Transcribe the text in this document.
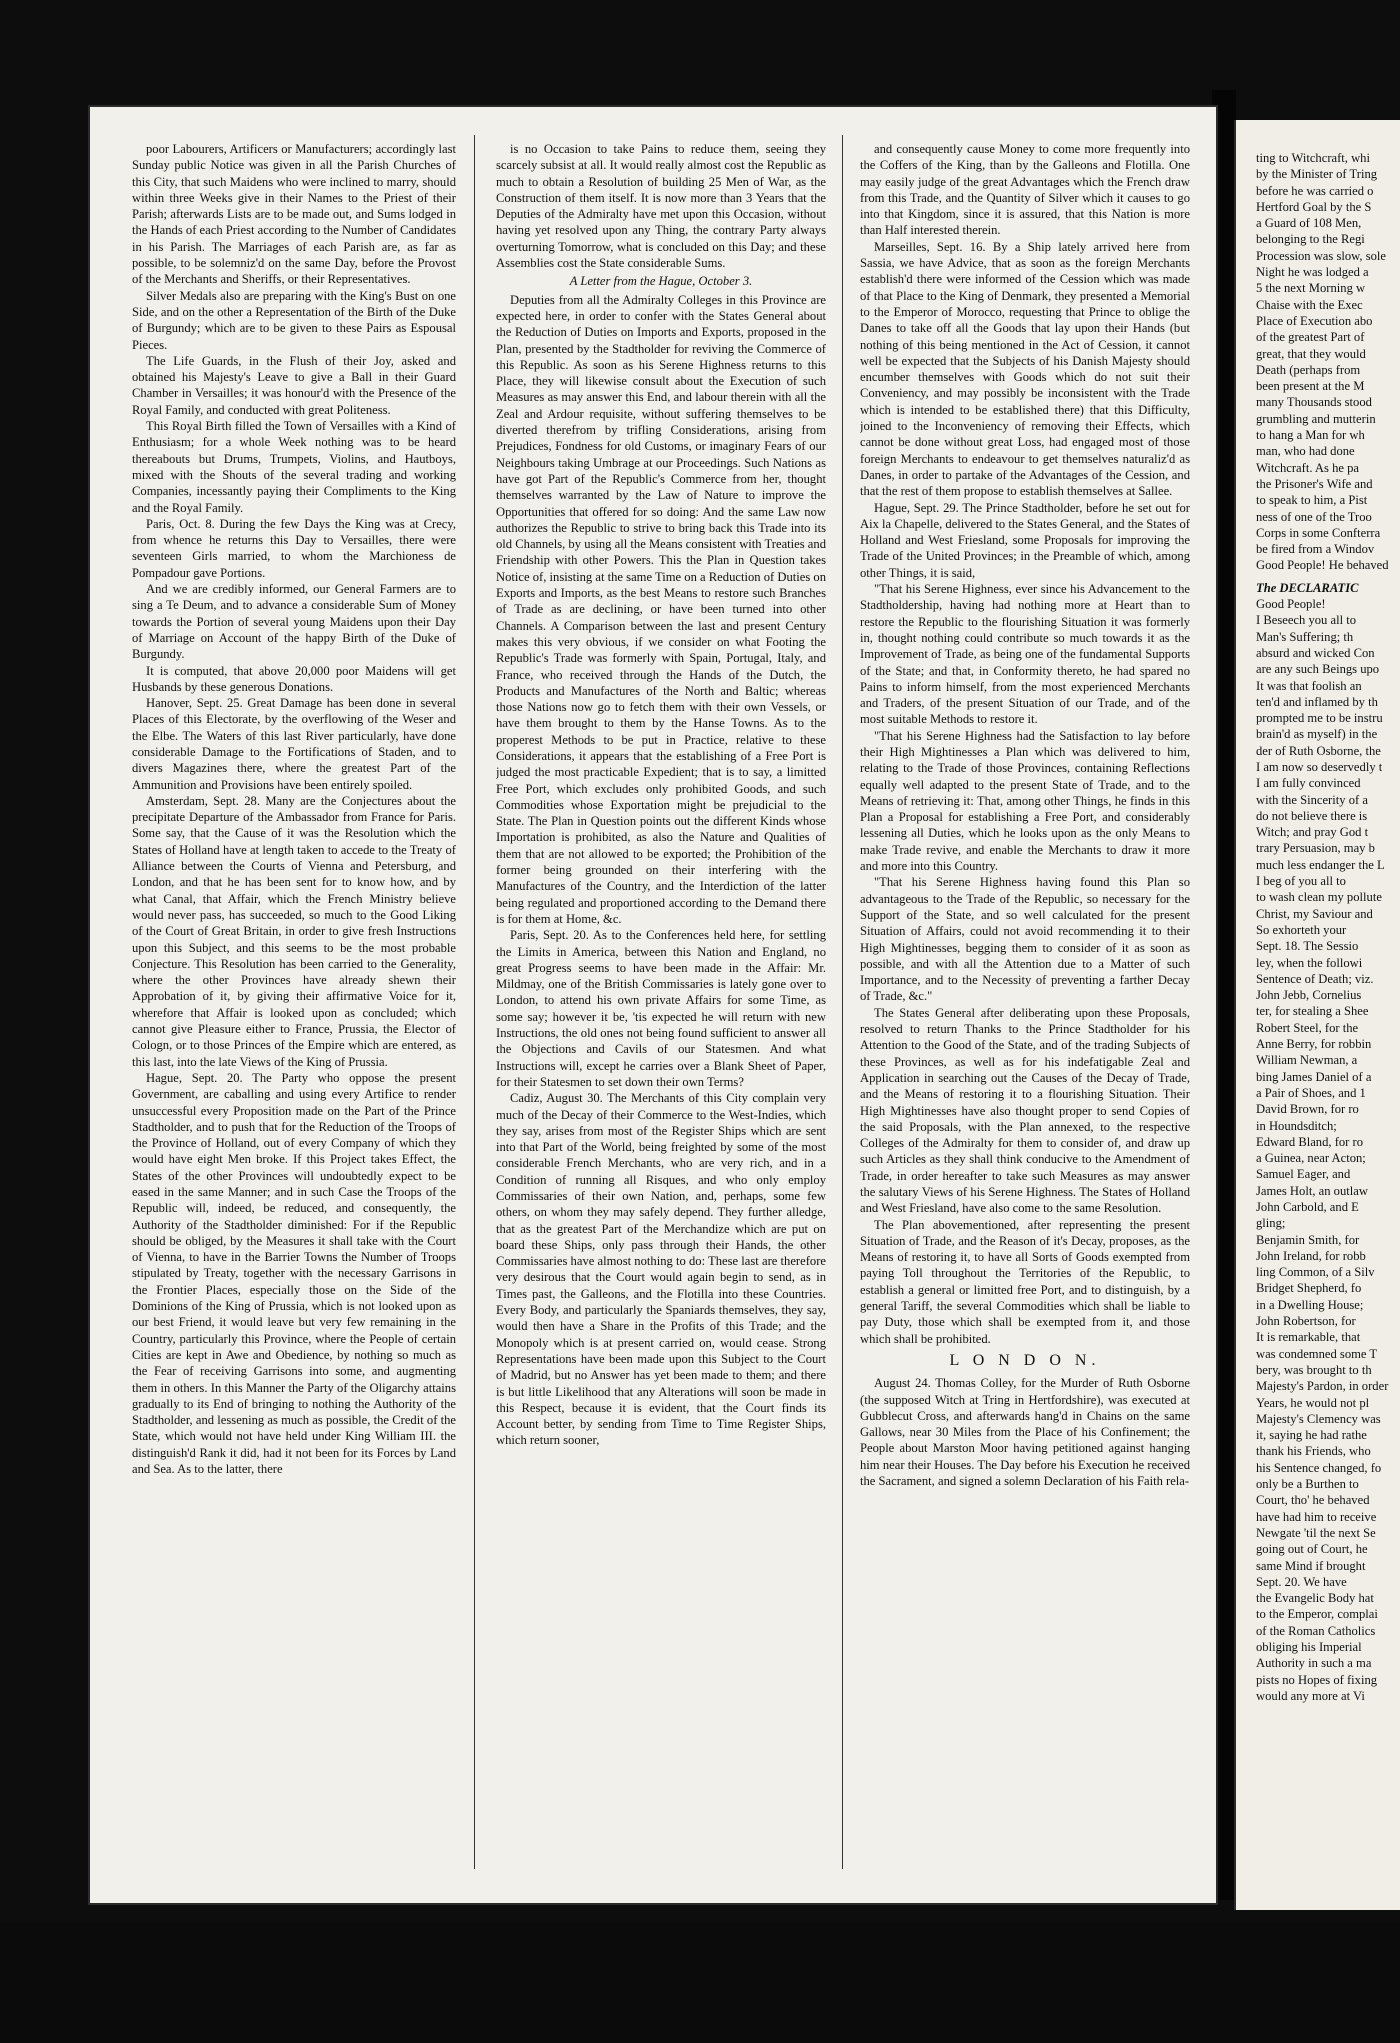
poor Labourers, Artificers or Manufacturers; accordingly last Sunday public Notice was given in all the Parish Churches of this City, that such Maidens who were inclined to marry, should within three Weeks give in their Names to the Priest of their Parish; afterwards Lists are to be made out, and Sums lodged in the Hands of each Priest according to the Number of Candidates in his Parish. The Marriages of each Parish are, as far as possible, to be solemniz'd on the same Day, before the Provost of the Merchants and Sheriffs, or their Representatives.

Silver Medals also are preparing with the King's Bust on one Side, and on the other a Representation of the Birth of the Duke of Burgundy; which are to be given to these Pairs as Espousal Pieces.

The Life Guards, in the Flush of their Joy, asked and obtained his Majesty's Leave to give a Ball in their Guard Chamber in Versailles; it was honour'd with the Presence of the Royal Family, and conducted with great Politeness.

This Royal Birth filled the Town of Versailles with a Kind of Enthusiasm; for a whole Week nothing was to be heard thereabouts but Drums, Trumpets, Violins, and Hautboys, mixed with the Shouts of the several trading and working Companies, incessantly paying their Compliments to the King and the Royal Family.

Paris, Oct. 8. During the few Days the King was at Crecy, from whence he returns this Day to Versailles, there were seventeen Girls married, to whom the Marchioness de Pompadour gave Portions.

And we are credibly informed, our General Farmers are to sing a Te Deum, and to advance a considerable Sum of Money towards the Portion of several young Maidens upon their Day of Marriage on Account of the happy Birth of the Duke of Burgundy.

It is computed, that above 20,000 poor Maidens will get Husbands by these generous Donations.

Hanover, Sept. 25. Great Damage has been done in several Places of this Electorate, by the overflowing of the Weser and the Elbe. The Waters of this last River particularly, have done considerable Damage to the Fortifications of Staden, and to divers Magazines there, where the greatest Part of the Ammunition and Provisions have been entirely spoiled.

Amsterdam, Sept. 28. Many are the Conjectures about the precipitate Departure of the Ambassador from France for Paris. Some say, that the Cause of it was the Resolution which the States of Holland have at length taken to accede to the Treaty of Alliance between the Courts of Vienna and Petersburg, and London, and that he has been sent for to know how, and by what Canal, that Affair, which the French Ministry believe would never pass, has succeeded, so much to the Good Liking of the Court of Great Britain, in order to give fresh Instructions upon this Subject, and this seems to be the most probable Conjecture. This Resolution has been carried to the Generality, where the other Provinces have already shewn their Approbation of it, by giving their affirmative Voice for it, wherefore that Affair is looked upon as concluded; which cannot give Pleasure either to France, Prussia, the Elector of Cologn, or to those Princes of the Empire which are entered, as this last, into the late Views of the King of Prussia.

Hague, Sept. 20. The Party who oppose the present Government, are caballing and using every Artifice to render unsuccessful every Proposition made on the Part of the Prince Stadtholder, and to push that for the Reduction of the Troops of the Province of Holland, out of every Company of which they would have eight Men broke. If this Project takes Effect, the States of the other Provinces will undoubtedly expect to be eased in the same Manner; and in such Case the Troops of the Republic will, indeed, be reduced, and consequently, the Authority of the Stadtholder diminished: For if the Republic should be obliged, by the Measures it shall take with the Court of Vienna, to have in the Barrier Towns the Number of Troops stipulated by Treaty, together with the necessary Garrisons in the Frontier Places, especially those on the Side of the Dominions of the King of Prussia, which is not looked upon as our best Friend, it would leave but very few remaining in the Country, particularly this Province, where the People of certain Cities are kept in Awe and Obedience, by nothing so much as the Fear of receiving Garrisons into some, and augmenting them in others. In this Manner the Party of the Oligarchy attains gradually to its End of bringing to nothing the Authority of the Stadtholder, and lessening as much as possible, the Credit of the State, which would not have held under King William III. the distinguish'd Rank it did, had it not been for its Forces by Land and Sea. As to the latter, there

is no Occasion to take Pains to reduce them, seeing they scarcely subsist at all. It would really almost cost the Republic as much to obtain a Resolution of building 25 Men of War, as the Construction of them itself. It is now more than 3 Years that the Deputies of the Admiralty have met upon this Occasion, without having yet resolved upon any Thing, the contrary Party always overturning Tomorrow, what is concluded on this Day; and these Assemblies cost the State considerable Sums.

A Letter from the Hague, October 3.

Deputies from all the Admiralty Colleges in this Province are expected here, in order to confer with the States General about the Reduction of Duties on Imports and Exports, proposed in the Plan, presented by the Stadtholder for reviving the Commerce of this Republic. As soon as his Serene Highness returns to this Place, they will likewise consult about the Execution of such Measures as may answer this End, and labour therein with all the Zeal and Ardour requisite, without suffering themselves to be diverted therefrom by trifling Considerations, arising from Prejudices, Fondness for old Customs, or imaginary Fears of our Neighbours taking Umbrage at our Proceedings. Such Nations as have got Part of the Republic's Commerce from her, thought themselves warranted by the Law of Nature to improve the Opportunities that offered for so doing: And the same Law now authorizes the Republic to strive to bring back this Trade into its old Channels, by using all the Means consistent with Treaties and Friendship with other Powers. This the Plan in Question takes Notice of, insisting at the same Time on a Reduction of Duties on Exports and Imports, as the best Means to restore such Branches of Trade as are declining, or have been turned into other Channels. A Comparison between the last and present Century makes this very obvious, if we consider on what Footing the Republic's Trade was formerly with Spain, Portugal, Italy, and France, who received through the Hands of the Dutch, the Products and Manufactures of the North and Baltic; whereas those Nations now go to fetch them with their own Vessels, or have them brought to them by the Hanse Towns. As to the properest Methods to be put in Practice, relative to these Considerations, it appears that the establishing of a Free Port is judged the most practicable Expedient; that is to say, a limitted Free Port, which excludes only prohibited Goods, and such Commodities whose Exportation might be prejudicial to the State. The Plan in Question points out the different Kinds whose Importation is prohibited, as also the Nature and Qualities of them that are not allowed to be exported; the Prohibition of the former being grounded on their interfering with the Manufactures of the Country, and the Interdiction of the latter being regulated and proportioned according to the Demand there is for them at Home, &c.

Paris, Sept. 20. As to the Conferences held here, for settling the Limits in America, between this Nation and England, no great Progress seems to have been made in the Affair: Mr. Mildmay, one of the British Commissaries is lately gone over to London, to attend his own private Affairs for some Time, as some say; however it be, 'tis expected he will return with new Instructions, the old ones not being found sufficient to answer all the Objections and Cavils of our Statesmen. And what Instructions will, except he carries over a Blank Sheet of Paper, for their Statesmen to set down their own Terms?

Cadiz, August 30. The Merchants of this City complain very much of the Decay of their Commerce to the West-Indies, which they say, arises from most of the Register Ships which are sent into that Part of the World, being freighted by some of the most considerable French Merchants, who are very rich, and in a Condition of running all Risques, and who only employ Commissaries of their own Nation, and, perhaps, some few others, on whom they may safely depend. They further alledge, that as the greatest Part of the Merchandize which are put on board these Ships, only pass through their Hands, the other Commissaries have almost nothing to do: These last are therefore very desirous that the Court would again begin to send, as in Times past, the Galleons, and the Flotilla into these Countries. Every Body, and particularly the Spaniards themselves, they say, would then have a Share in the Profits of this Trade; and the Monopoly which is at present carried on, would cease. Strong Representations have been made upon this Subject to the Court of Madrid, but no Answer has yet been made to them; and there is but little Likelihood that any Alterations will soon be made in this Respect, because it is evident, that the Court finds its Account better, by sending from Time to Time Register Ships, which return sooner,

and consequently cause Money to come more frequently into the Coffers of the King, than by the Galleons and Flotilla. One may easily judge of the great Advantages which the French draw from this Trade, and the Quantity of Silver which it causes to go into that Kingdom, since it is assured, that this Nation is more than Half interested therein.

Marseilles, Sept. 16. By a Ship lately arrived here from Sassia, we have Advice, that as soon as the foreign Merchants establish'd there were informed of the Cession which was made of that Place to the King of Denmark, they presented a Memorial to the Emperor of Morocco, requesting that Prince to oblige the Danes to take off all the Goods that lay upon their Hands (but nothing of this being mentioned in the Act of Cession, it cannot well be expected that the Subjects of his Danish Majesty should encumber themselves with Goods which do not suit their Conveniency, and may possibly be inconsistent with the Trade which is intended to be established there) that this Difficulty, joined to the Inconveniency of removing their Effects, which cannot be done without great Loss, had engaged most of those foreign Merchants to endeavour to get themselves naturaliz'd as Danes, in order to partake of the Advantages of the Cession, and that the rest of them propose to establish themselves at Sallee.

Hague, Sept. 29. The Prince Stadtholder, before he set out for Aix la Chapelle, delivered to the States General, and the States of Holland and West Friesland, some Proposals for improving the Trade of the United Provinces; in the Preamble of which, among other Things, it is said,

"That his Serene Highness, ever since his Advancement to the Stadtholdership, having had nothing more at Heart than to restore the Republic to the flourishing Situation it was formerly in, thought nothing could contribute so much towards it as the Improvement of Trade, as being one of the fundamental Supports of the State; and that, in Conformity thereto, he had spared no Pains to inform himself, from the most experienced Merchants and Traders, of the present Situation of our Trade, and of the most suitable Methods to restore it.

"That his Serene Highness had the Satisfaction to lay before their High Mightinesses a Plan which was delivered to him, relating to the Trade of those Provinces, containing Reflections equally well adapted to the present State of Trade, and to the Means of retrieving it: That, among other Things, he finds in this Plan a Proposal for establishing a Free Port, and considerably lessening all Duties, which he looks upon as the only Means to make Trade revive, and enable the Merchants to draw it more and more into this Country.

"That his Serene Highness having found this Plan so advantageous to the Trade of the Republic, so necessary for the Support of the State, and so well calculated for the present Situation of Affairs, could not avoid recommending it to their High Mightinesses, begging them to consider of it as soon as possible, and with all the Attention due to a Matter of such Importance, and to the Necessity of preventing a farther Decay of Trade, &c."

The States General after deliberating upon these Proposals, resolved to return Thanks to the Prince Stadtholder for his Attention to the Good of the State, and of the trading Subjects of these Provinces, as well as for his indefatigable Zeal and Application in searching out the Causes of the Decay of Trade, and the Means of restoring it to a flourishing Situation. Their High Mightinesses have also thought proper to send Copies of the said Proposals, with the Plan annexed, to the respective Colleges of the Admiralty for them to consider of, and draw up such Articles as they shall think conducive to the Amendment of Trade, in order hereafter to take such Measures as may answer the salutary Views of his Serene Highness. The States of Holland and West Friesland, have also come to the same Resolution.

The Plan abovementioned, after representing the present Situation of Trade, and the Reason of it's Decay, proposes, as the Means of restoring it, to have all Sorts of Goods exempted from paying Toll throughout the Territories of the Republic, to establish a general or limitted free Port, and to distinguish, by a general Tariff, the several Commodities which shall be liable to pay Duty, those which shall be exempted from it, and those which shall be prohibited.

L O N D O N.

August 24. Thomas Colley, for the Murder of Ruth Osborne (the supposed Witch at Tring in Hertfordshire), was executed at Gubblecut Cross, and afterwards hang'd in Chains on the same Gallows, near 30 Miles from the Place of his Confinement; the People about Marston Moor having petitioned against hanging him near their Houses. The Day before his Execution he received the Sacrament, and signed a solemn Declaration of his Faith rela-

ting to Witchcraft, whi

by the Minister of Tring

before he was carried o

Hertford Goal by the S

a Guard of 108 Men,

belonging to the Regi

Procession was slow, sole

Night he was lodged a

5 the next Morning w

Chaise with the Exec

Place of Execution abo

of the greatest Part of

great, that they would

Death (perhaps from

been present at the M

many Thousands stood

grumbling and mutterin

to hang a Man for wh

man, who had done

Witchcraft. As he pa

the Prisoner's Wife and

to speak to him, a Pist

ness of one of the Troo

Corps in some Confterra

be fired from a Windov

Good People! He behaved

The DECLARATIC

Good People!

I Beseech you all to

Man's Suffering; th

absurd and wicked Con

are any such Beings upo

It was that foolish an

ten'd and inflamed by th

prompted me to be instru

brain'd as myself) in the

der of Ruth Osborne, the

I am now so deservedly t

I am fully convinced

with the Sincerity of a

do not believe there is

Witch; and pray God t

trary Persuasion, may b

much less endanger the L

I beg of you all to

to wash clean my pollute

Christ, my Saviour and

So exhorteth your

Sept. 18. The Sessio

ley, when the followi

Sentence of Death; viz.

John Jebb, Cornelius

ter, for stealing a Shee

Robert Steel, for the

Anne Berry, for robbin

William Newman, a

bing James Daniel of a

a Pair of Shoes, and 1

David Brown, for ro

in Houndsditch;

Edward Bland, for ro

a Guinea, near Acton;

Samuel Eager, and

James Holt, an outlaw

John Carbold, and E

gling;

Benjamin Smith, for

John Ireland, for robb

ling Common, of a Silv

Bridget Shepherd, fo

in a Dwelling House;

John Robertson, for

It is remarkable, that

was condemned some T

bery, was brought to th

Majesty's Pardon, in order

Years, he would not pl

Majesty's Clemency was

it, saying he had rathe

thank his Friends, who

his Sentence changed, fo

only be a Burthen to

Court, tho' he behaved

have had him to receive

Newgate 'til the next Se

going out of Court, he

same Mind if brought

Sept. 20. We have

the Evangelic Body hat

to the Emperor, complai

of the Roman Catholics

obliging his Imperial

Authority in such a ma

pists no Hopes of fixing

would any more at Vi
